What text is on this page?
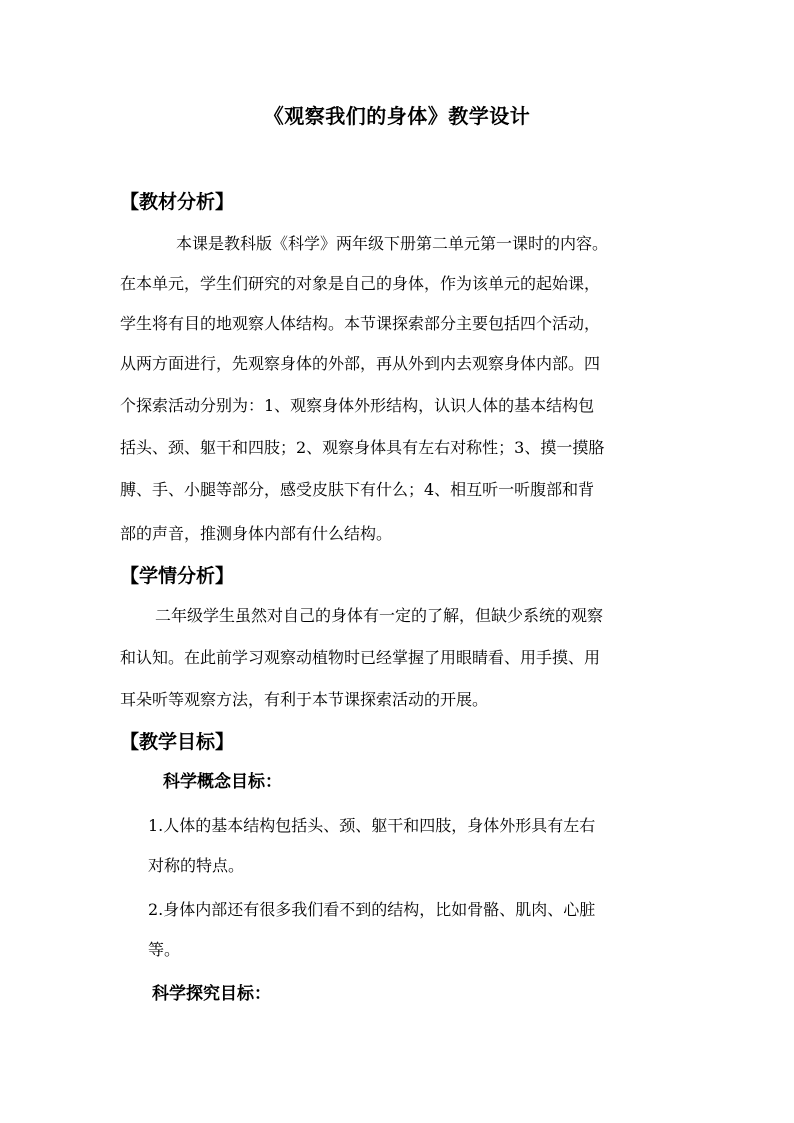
《观察我们的身体》教学设计
【教材分析】
本课是教科版《科学》两年级下册第二单元第一课时的内容。
在本单元，学生们研究的对象是自己的身体，作为该单元的起始课，
学生将有目的地观察人体结构。本节课探索部分主要包括四个活动，
从两方面进行，先观察身体的外部，再从外到内去观察身体内部。四
个探索活动分别为：1、观察身体外形结构，认识人体的基本结构包
括头、颈、躯干和四肢；2、观察身体具有左右对称性；3、摸一摸胳
膊、手、小腿等部分，感受皮肤下有什么；4、相互听一听腹部和背
部的声音，推测身体内部有什么结构。
【学情分析】
二年级学生虽然对自己的身体有一定的了解，但缺少系统的观察
和认知。在此前学习观察动植物时已经掌握了用眼睛看、用手摸、用
耳朵听等观察方法，有利于本节课探索活动的开展。
【教学目标】
科学概念目标：
1.人体的基本结构包括头、颈、躯干和四肢，身体外形具有左右
对称的特点。
2.身体内部还有很多我们看不到的结构，比如骨骼、肌肉、心脏
等。
科学探究目标：
